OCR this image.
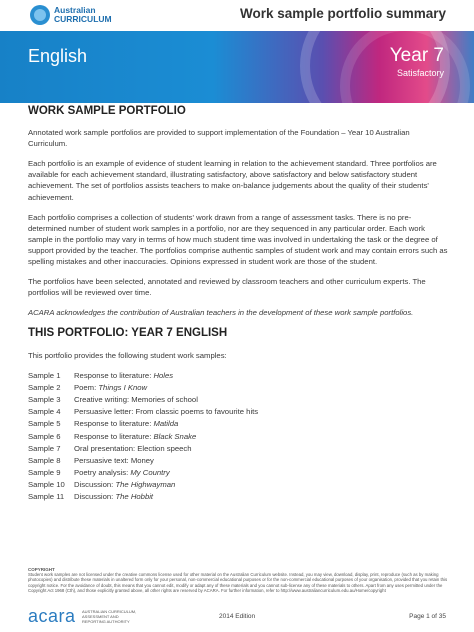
Australian
CURRICULUM	Work sample portfolio summary
English	Year 7
Satisfactory
WORK SAMPLE PORTFOLIO

Annotated work sample portfolios are provided to support implementation of the Foundation – Year 10 Australian Curriculum.

Each portfolio is an example of evidence of student learning in relation to the achievement standard. Three portfolios are available for each achievement standard, illustrating satisfactory, above satisfactory and below satisfactory student achievement. The set of portfolios assists teachers to make on-balance judgements about the quality of their students' achievement.

Each portfolio comprises a collection of students' work drawn from a range of assessment tasks. There is no pre-determined number of student work samples in a portfolio, nor are they sequenced in any particular order. Each work sample in the portfolio may vary in terms of how much student time was involved in undertaking the task or the degree of support provided by the teacher. The portfolios comprise authentic samples of student work and may contain errors such as spelling mistakes and other inaccuracies. Opinions expressed in student work are those of the student.

The portfolios have been selected, annotated and reviewed by classroom teachers and other curriculum experts. The portfolios will be reviewed over time.

ACARA acknowledges the contribution of Australian teachers in the development of these work sample portfolios.

THIS PORTFOLIO: YEAR 7 ENGLISH

This portfolio provides the following student work samples:

Sample 1	Response to literature: Holes
Sample 2	Poem: Things I Know
Sample 3	Creative writing: Memories of school
Sample 4	Persuasive letter: From classic poems to favourite hits
Sample 5	Response to literature: Matilda
Sample 6	Response to literature: Black Snake
Sample 7	Oral presentation: Election speech
Sample 8	Persuasive text: Money
Sample 9	Poetry analysis: My Country
Sample 10	Discussion: The Highwayman
Sample 11	Discussion: The Hobbit
COPYRIGHT
Student work samples are not licensed under the creative commons license used for other material on the Australian Curriculum website. Instead, you may view, download, display, print, reproduce (such as by making photocopies) and distribute these materials in unaltered form only for your personal, non-commercial educational purposes or for the non-commercial educational purposes of your organisation, provided that you retain this copyright notice. For the avoidance of doubt, this means that you cannot edit, modify or adapt any of these materials and you cannot sub-license any of these materials to others. Apart from any uses permitted under the Copyright Act 1968 (Cth), and those explicitly granted above, all other rights are reserved by ACARA. For further information, refer to http://www.australiancurriculum.edu.au/Home/copyright
acara AUSTRALIAN CURRICULUM, ASSESSMENT AND REPORTING AUTHORITY
2014 Edition	Page 1 of 35
